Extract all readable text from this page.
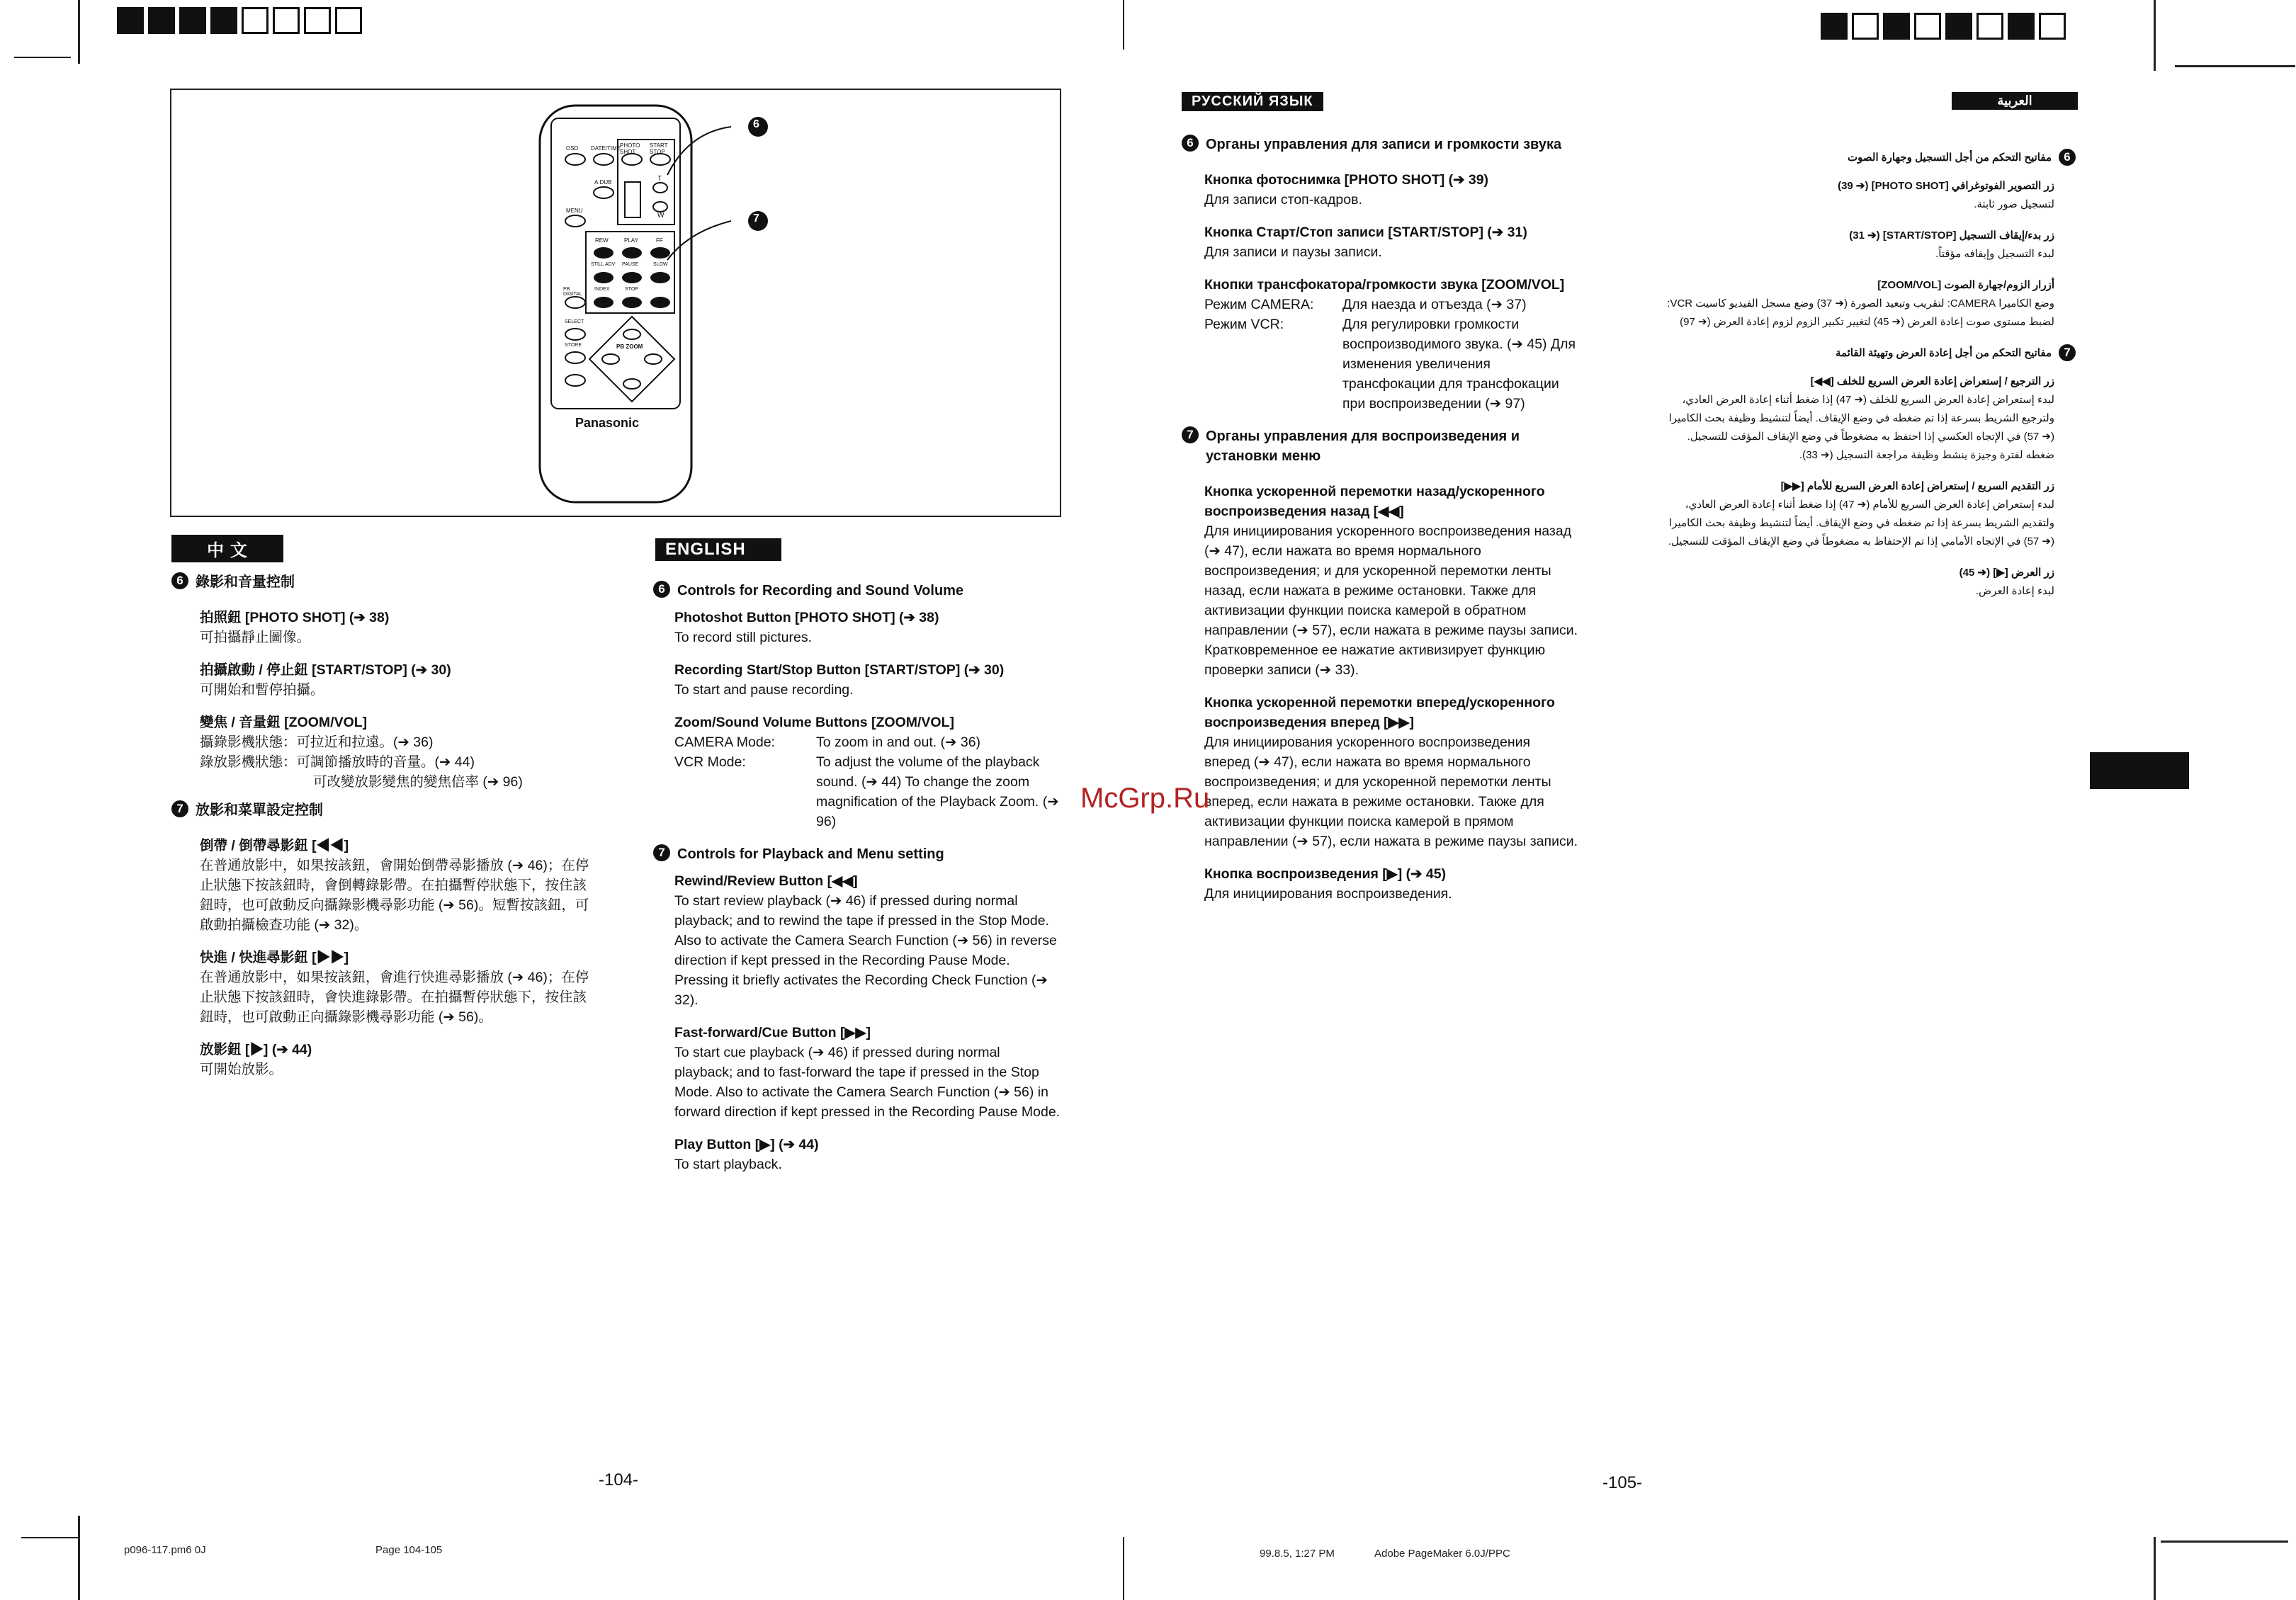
Panasonic
6
7
OSD DATE/TIME
PHOTO SHOT
START STOP
A.DUB
MENU
T
W
REW	PLAY	FF
STILL ADV PAUSE	SLOW
INDEX	STOP
PB DIGITAL
SELECT
STORE	PB ZOOM
中 文
6 錄影和音量控制
拍照鈕 [PHOTO SHOT] (➔ 38)
可拍攝靜止圖像。
拍攝啟動 / 停止鈕 [START/STOP] (➔ 30)
可開始和暫停拍攝。
變焦 / 音量鈕 [ZOOM/VOL]
攝錄影機狀態：可拉近和拉遠。(➔ 36)
錄放影機狀態：可調節播放時的音量。(➔ 44)
可改變放影變焦的變焦倍率 (➔ 96)
7 放影和菜單設定控制
倒帶 / 倒帶尋影鈕 [◀◀]
在普通放影中，如果按該鈕，會開始倒帶尋影播放 (➔ 46)；在停止狀態下按該鈕時，會倒轉錄影帶。在拍攝暫停狀態下，按住該鈕時，也可啟動反向攝錄影機尋影功能 (➔ 56)。短暫按該鈕，可啟動拍攝檢查功能 (➔ 32)。
快進 / 快進尋影鈕 [▶▶]
在普通放影中，如果按該鈕，會進行快進尋影播放 (➔ 46)；在停止狀態下按該鈕時，會快進錄影帶。在拍攝暫停狀態下，按住該鈕時，也可啟動正向攝錄影機尋影功能 (➔ 56)。
放影鈕 [▶] (➔ 44)
可開始放影。
ENGLISH
6 Controls for Recording and Sound Volume
Photoshot Button [PHOTO SHOT] (➔ 38)
To record still pictures.
Recording Start/Stop Button [START/STOP] (➔ 30)
To start and pause recording.
Zoom/Sound Volume Buttons [ZOOM/VOL]
CAMERA Mode:	To zoom in and out. (➔ 36)
VCR Mode:	To adjust the volume of the playback sound. (➔ 44) To change the zoom magnification of the Playback Zoom. (➔ 96)
7 Controls for Playback and Menu setting
Rewind/Review Button [◀◀]
To start review playback (➔ 46) if pressed during normal playback; and to rewind the tape if pressed in the Stop Mode. Also to activate the Camera Search Function (➔ 56) in reverse direction if kept pressed in the Recording Pause Mode. Pressing it briefly activates the Recording Check Function (➔ 32).
Fast-forward/Cue Button [▶▶]
To start cue playback (➔ 46) if pressed during normal playback; and to fast-forward the tape if pressed in the Stop Mode. Also to activate the Camera Search Function (➔ 56) in forward direction if kept pressed in the Recording Pause Mode.
Play Button [▶] (➔ 44)
To start playback.
РУССКИЙ ЯЗЫК
6 Органы управления для записи и громкости звука
Кнопка фотоснимка [PHOTO SHOT] (➔ 39)
Для записи стоп-кадров.
Кнопка Старт/Стоп записи [START/STOP] (➔ 31)
Для записи и паузы записи.
Кнопки трансфокатора/громкости звука [ZOOM/VOL]
Режим CAMERA:	Для наезда и отъезда (➔ 37)
Режим VCR:	Для регулировки громкости воспроизводимого звука. (➔ 45) Для изменения увеличения трансфокации для трансфокации при воспроизведении (➔ 97)
7 Органы управления для воспроизведения и установки меню
Кнопка ускоренной перемотки назад/ускоренного воспроизведения назад [◀◀]
Для инициирования ускоренного воспроизведения назад (➔ 47), если нажата во время нормального воспроизведения; и для ускоренной перемотки ленты назад, если нажата в режиме остановки. Также для активизации функции поиска камерой в обратном направлении (➔ 57), если нажата в режиме паузы записи. Кратковременное ее нажатие активизирует функцию проверки записи (➔ 33).
Кнопка ускоренной перемотки вперед/ускоренного воспроизведения вперед [▶▶]
Для инициирования ускоренного воспроизведения вперед (➔ 47), если нажата во время нормального воспроизведения; и для ускоренной перемотки ленты вперед, если нажата в режиме остановки. Также для активизации функции поиска камерой в прямом направлении (➔ 57), если нажата в режиме паузы записи.
Кнопка воспроизведения [▶] (➔ 45)
Для инициирования воспроизведения.
العربية
6
مفاتيح التحكم من أجل التسجيل وجهارة الصوت
زر التصوير الفوتوغرافي [PHOTO SHOT] (➔ 39)
لتسجيل صور ثابتة.
زر بدء/إيقاف التسجيل [START/STOP] (➔ 31)
لبدء التسجيل وإيقافه مؤقتاً.
أزرار الزوم/جهارة الصوت [ZOOM/VOL]
وضع الكاميرا CAMERA: لتقريب وتبعيد الصورة (➔ 37) وضع مسجل الفيديو كاسيت VCR: لضبط مستوى صوت إعادة العرض (➔ 45) لتغيير تكبير الزوم لزوم إعادة العرض (➔ 97)
7
مفاتيح التحكم من أجل إعادة العرض وتهيئة القائمة
زر الترجيع / إستعراض إعادة العرض السريع للخلف [◀◀]
لبدء إستعراض إعادة العرض السريع للخلف (➔ 47) إذا ضغط أثناء إعادة العرض العادي، ولترجيع الشريط بسرعة إذا تم ضغطه في وضع الإيقاف. أيضاً لتنشيط وظيفة بحث الكاميرا (➔ 57) في الإتجاه العكسي إذا احتفظ به مضغوطاً في وضع الإيقاف المؤقت للتسجيل. ضغطه لفترة وجيزة ينشط وظيفة مراجعة التسجيل (➔ 33).
زر التقديم السريع / إستعراض إعادة العرض السريع للأمام [▶▶]
لبدء إستعراض إعادة العرض السريع للأمام (➔ 47) إذا ضغط أثناء إعادة العرض العادي، ولتقديم الشريط بسرعة إذا تم ضغطه في وضع الإيقاف. أيضاً لتنشيط وظيفة بحث الكاميرا (➔ 57) في الإتجاه الأمامي إذا تم الإحتفاظ به مضغوطاً في وضع الإيقاف المؤقت للتسجيل.
زر العرض [▶] (➔ 45)
لبدء إعادة العرض.
McGrp.Ru
-104-	-105-
p096-117.pm6 0J	Page 104-105	99.8.5, 1:27 PM	Adobe PageMaker 6.0J/PPC
